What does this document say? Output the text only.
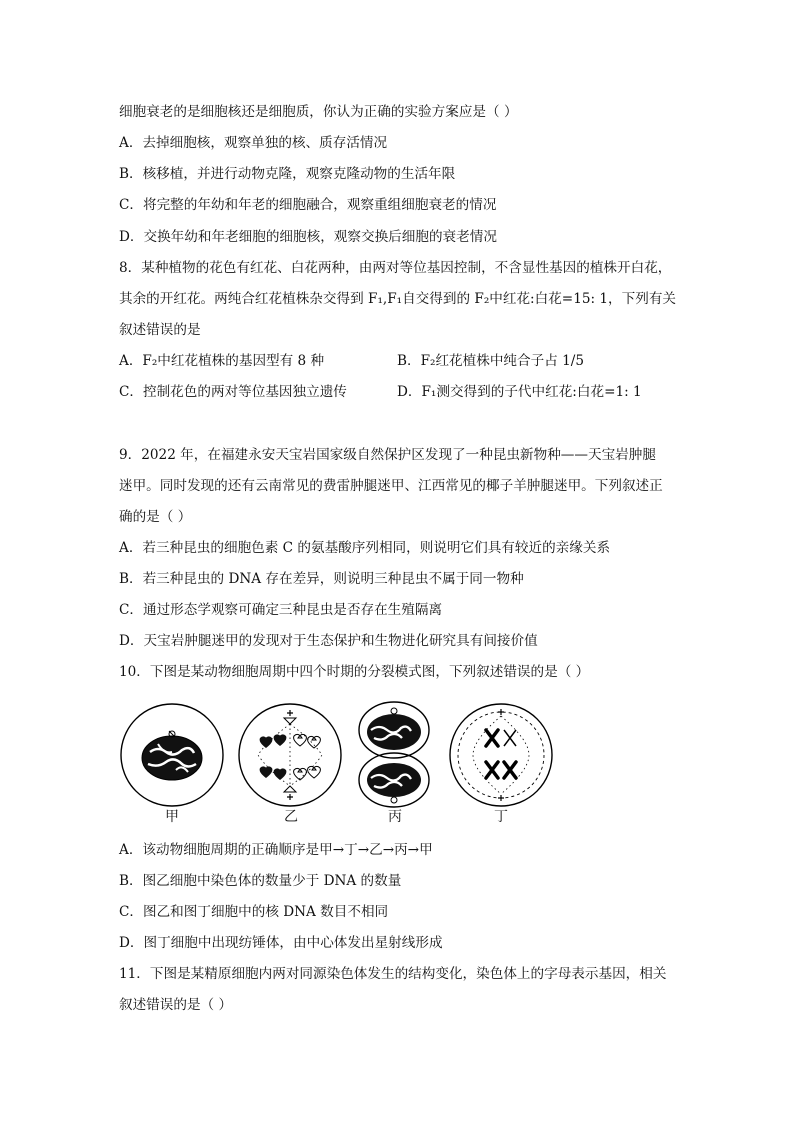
细胞衰老的是细胞核还是细胞质，你认为正确的实验方案应是（ ）
A．去掉细胞核，观察单独的核、质存活情况
B．核移植，并进行动物克隆，观察克隆动物的生活年限
C．将完整的年幼和年老的细胞融合，观察重组细胞衰老的情况
D．交换年幼和年老细胞的细胞核，观察交换后细胞的衰老情况
8．某种植物的花色有红花、白花两种，由两对等位基因控制，不含显性基因的植株开白花，
其余的开红花。两纯合红花植株杂交得到 F₁,F₁自交得到的 F₂中红花:白花=15: 1，下列有关
叙述错误的是
A．F₂中红花植株的基因型有 8 种	B．F₂红花植株中纯合子占 1/5
C．控制花色的两对等位基因独立遗传	D．F₁测交得到的子代中红花:白花=1: 1
9．2022 年，在福建永安天宝岩国家级自然保护区发现了一种昆虫新物种——天宝岩肿腿
迷甲。同时发现的还有云南常见的费雷肿腿迷甲、江西常见的椰子羊肿腿迷甲。下列叙述正
确的是（ ）
A．若三种昆虫的细胞色素 C 的氨基酸序列相同，则说明它们具有较近的亲缘关系
B．若三种昆虫的 DNA 存在差异，则说明三种昆虫不属于同一物种
C．通过形态学观察可确定三种昆虫是否存在生殖隔离
D．天宝岩肿腿迷甲的发现对于生态保护和生物进化研究具有间接价值
10．下图是某动物细胞周期中四个时期的分裂模式图，下列叙述错误的是（ ）
甲	乙	丙	丁
A．该动物细胞周期的正确顺序是甲→丁→乙→丙→甲
B．图乙细胞中染色体的数量少于 DNA 的数量
C．图乙和图丁细胞中的核 DNA 数目不相同
D．图丁细胞中出现纺锤体，由中心体发出星射线形成
11．下图是某精原细胞内两对同源染色体发生的结构变化，染色体上的字母表示基因，相关
叙述错误的是（ ）
